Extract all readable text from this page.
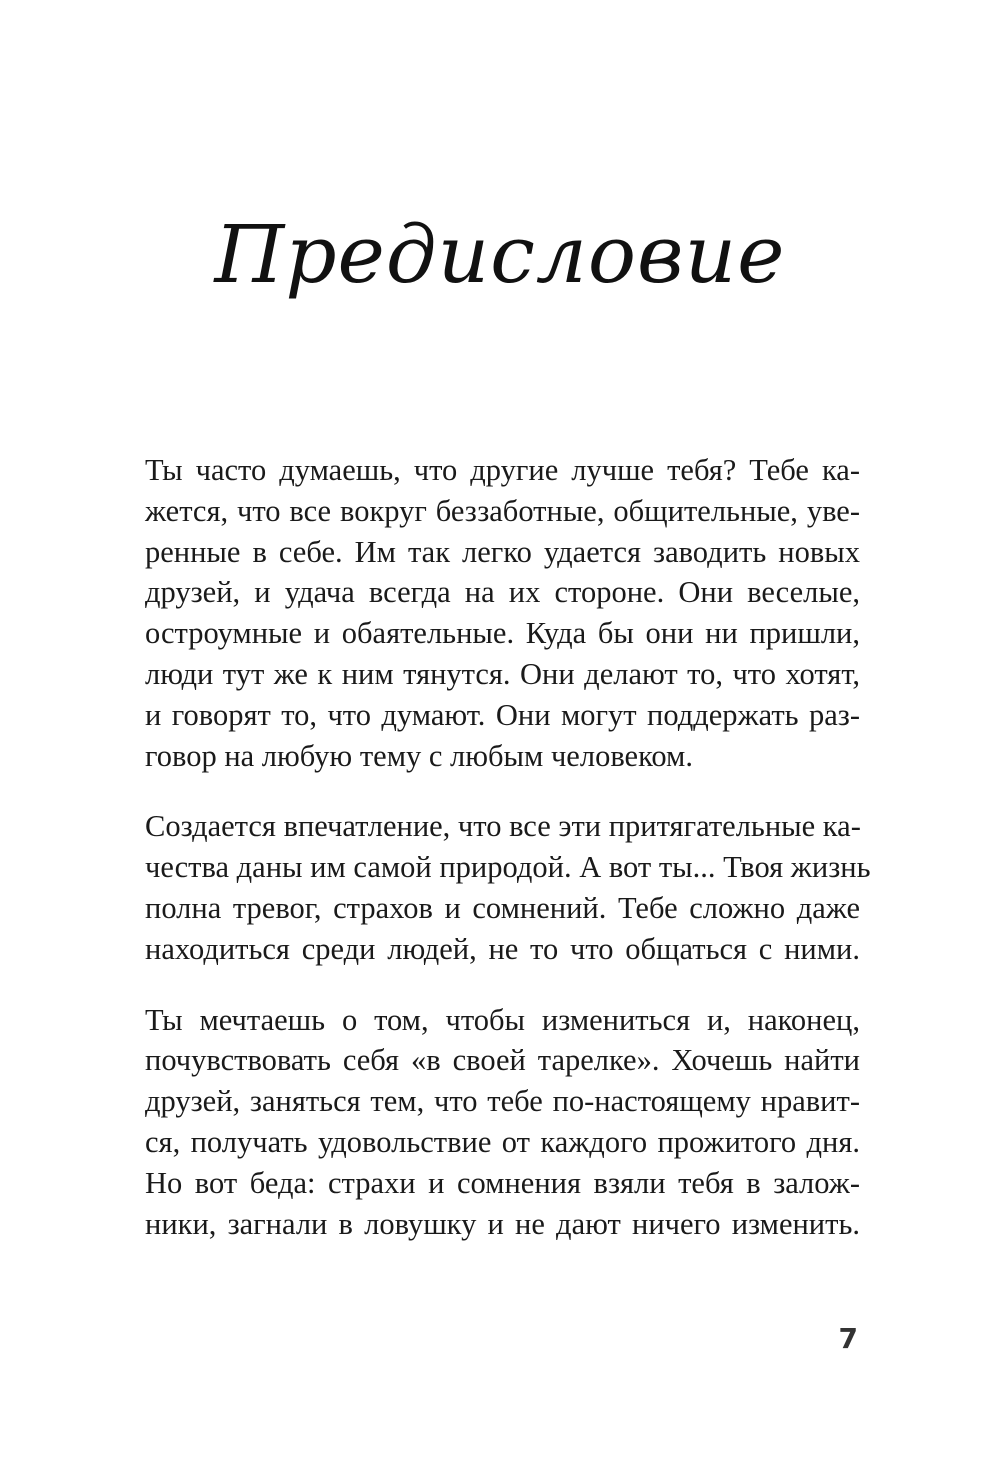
Предисловие

Ты часто думаешь, что другие лучше тебя? Тебе ка-
жется, что все вокруг беззаботные, общительные, уве-
ренные в себе. Им так легко удается заводить новых
друзей, и удача всегда на их стороне. Они веселые,
остроумные и обаятельные. Куда бы они ни пришли,
люди тут же к ним тянутся. Они делают то, что хотят,
и говорят то, что думают. Они могут поддержать раз-
говор на любую тему с любым человеком.

Создается впечатление, что все эти притягательные ка-
чества даны им самой природой. А вот ты... Твоя жизнь
полна тревог, страхов и сомнений. Тебе сложно даже
находиться среди людей, не то что общаться с ними.

Ты мечтаешь о том, чтобы измениться и, наконец,
почувствовать себя «в своей тарелке». Хочешь найти
друзей, заняться тем, что тебе по-настоящему нравит-
ся, получать удовольствие от каждого прожитого дня.
Но вот беда: страхи и сомнения взяли тебя в залож-
ники, загнали в ловушку и не дают ничего изменить.

7
